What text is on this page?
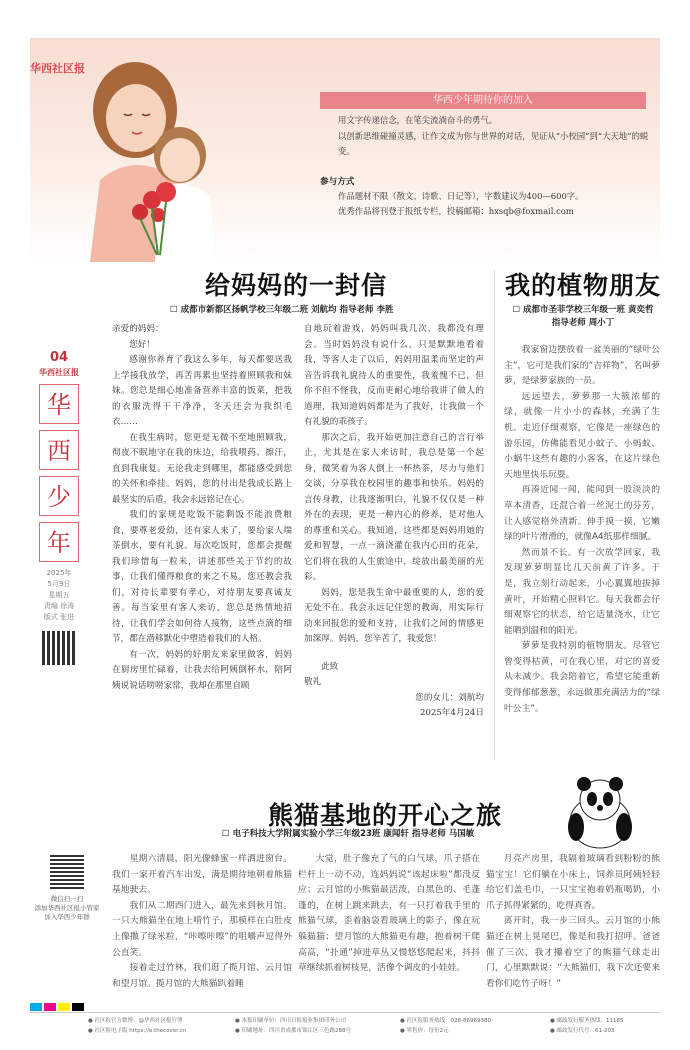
华西社区报
华西少年期待你的加入
用文字传递信念，在笔尖流淌奋斗的勇气。
以创新思维碰撞灵感，让作文成为你与世界的对话，见证从“小校园”到“大天地”的蜕变。
参与方式
作品题材不限（散文、诗歌、日记等），字数建议为400—600字。
优秀作品将刊登于报纸专栏，投稿邮箱：hxsqb@foxmail.com
04
华西社区报
华
西
少
年
2025年
5月9日
星期五
责编 徐涛
版式 张进
给妈妈的一封信
☐ 成都市新都区扬帆学校三年级二班 刘航均 指导老师 李胜

亲爱的妈妈：

您好！

感谢你养育了我这么多年，每天都要送我上学接我放学，再苦再累也坚持着照顾我和妹妹。您总是细心地准备营养丰富的饭菜，把我的衣服洗得干干净净，冬天还会为我织毛衣……

在我生病时，您更是无微不至地照顾我，彻夜不眠地守在我的床边，给我喂药、擦汗，直到我康复。无论我走到哪里，都能感受到您的关怀和牵挂。妈妈，您的付出是我成长路上最坚实的后盾，我会永远铭记在心。

我们的家规是吃饭不能剩饭不能浪费粮食，要尊老爱幼，还有家人来了，要给家人端茶倒水，要有礼貌。每次吃饭时，您都会提醒我们珍惜每一粒米，讲述那些关于节约的故事，让我们懂得粮食的来之不易。您还教会我们，对待长辈要有孝心，对待朋友要真诚友善。每当家里有客人来访，您总是热情地招待，让我们学会如何待人接物，这些点滴的细节，都在潜移默化中塑造着我们的人格。

有一次，妈妈的好朋友来家里做客，妈妈在厨房里忙碌着，让我去给阿姨倒杯水，陪阿姨说说话唠唠家常，我却在那里自顾

自地玩着游戏，妈妈叫我几次，我都没有理会。当时妈妈没有说什么，只是默默地看着我，等客人走了以后，妈妈用温柔而坚定的声音告诉我礼貌待人的重要性，我羞愧不已，但你不但不怪我，反而更耐心地给我讲了做人的道理，我知道妈妈都是为了我好，让我做一个有礼貌的乖孩子。

那次之后，我开始更加注意自己的言行举止，尤其是在家人来访时，我总是第一个起身，微笑着为客人倒上一杯热茶，尽力与他们交谈，分享我在校园里的趣事和快乐。妈妈的言传身教，让我逐渐明白，礼貌不仅仅是一种外在的表现，更是一种内心的修养，是对他人的尊重和关心。我知道，这些都是妈妈用她的爱和智慧，一点一滴浇灌在我内心田的花朵，它们将在我的人生旅途中，绽放出最美丽的光彩。

妈妈，您是我生命中最重要的人，您的爱无处不在。我会永远记住您的教诲，用实际行动来回报您的爱和支持，让我们之间的情感更加深厚。妈妈，您辛苦了，我爱您！

此致

敬礼

您的女儿：刘航均

2025年4月24日

我的植物朋友
☐ 成都市圣菲学校三年级一班 黄奕哲 指导老师 周小丁

我家窗边摆放着一盆美丽的“绿叶公主”，它可是我们家的“吉祥物”，名叫萝萝，是绿萝家族的一员。

远远望去，萝萝那一大簇浓郁的绿，就像一片小小的森林，充满了生机。走近仔细观察，它像是一座绿色的游乐园，仿佛能看见小蚊子、小蚂蚁、小蜗牛这些有趣的小客客，在这片绿色天地里快乐玩耍。

再凑近闻一闻，能闻到一股淡淡的草本清香，还混合着一丝泥土的芬芳，让人感觉格外清新。伸手摸一摸，它嫩绿的叶片滑滑的，就像A4纸那样细腻。

然而景不长。有一次放学回家，我发现萝萝明显比几天前黄了许多。于是，我立刻行动起来，小心翼翼地拔掉黄叶，开始精心照料它。每天我都会仔细观察它的状态，给它适量浇水，让它能晒到温和的阳光。

萝萝是我特别的植物朋友。尽管它曾变得枯黄，可在我心里，对它的喜爱从未减少。我会陪着它，希望它能重新变得郁郁葱葱，永远做那充满活力的“绿叶公主”。

熊猫基地的开心之旅
☐ 电子科技大学附属实验小学三年级23班 康闻轩 指导老师 马国敏
微信扫一扫
添加华西社区报小管家
加入华西少年群

星期六清晨，阳光像蜂蜜一样洒进窗台。我们一家开着汽车出发，满是期待地朝着熊猫基地驶去。

我们从二期西门进入，最先来到秋月馆。一只大熊猫坐在地上啃竹子，那模样在白肚皮上像撒了绿米粒，“咔嚓咔嚓”的咀嚼声逗得外公直笑。

接着走过竹林，我们逛了揽月馆、云月馆和望月馆。揽月馆的大熊猫趴着睡

大觉，肚子像充了气的白气球，爪子搭在栏杆上一动不动，连妈妈说“该起床啦”都没反应；云月馆的小熊猫最活泼，白黑色的、毛蓬蓬的，在树上跳来跳去，有一只打着我手里的熊猫气球，歪着脑袋看玻璃上的影子，像在玩躲猫猫；望月馆的大熊猫更有趣，抱着树干爬高高，“扑通”掉进草丛又慢悠悠爬起来，抖抖草继续抓着树枝晃，活像个调皮的小娃娃。

月亮产房里，我隔着玻璃看到粉粉的熊猫宝宝！它们躺在小床上，饲养员阿姨轻轻给它们盖毛巾，一只宝宝抱着奶瓶喝奶，小爪子抓得紧紧的，吃得真香。

离开时，我一步三回头。云月馆的小熊猫还在树上晃尾巴，像是和我打招呼。爸爸催了三次，我才攥着空了的熊猫气球走出门，心里默默说：“大熊猫们，我下次还要来看你们吃竹子呀！”

● 社区报官方微博：@华西社区报官博
● 社区报电子版 https://e.thecover.cn
● 本报印刷单位：四川日报报业集团印务公司
● 印刷地址：四川省成都市锦江区三色路288号
● 社区报服务热线：028-86969380
● 零售价：每份2元
● 邮政发行服务热线：11185
● 邮政发行代号：61-203
